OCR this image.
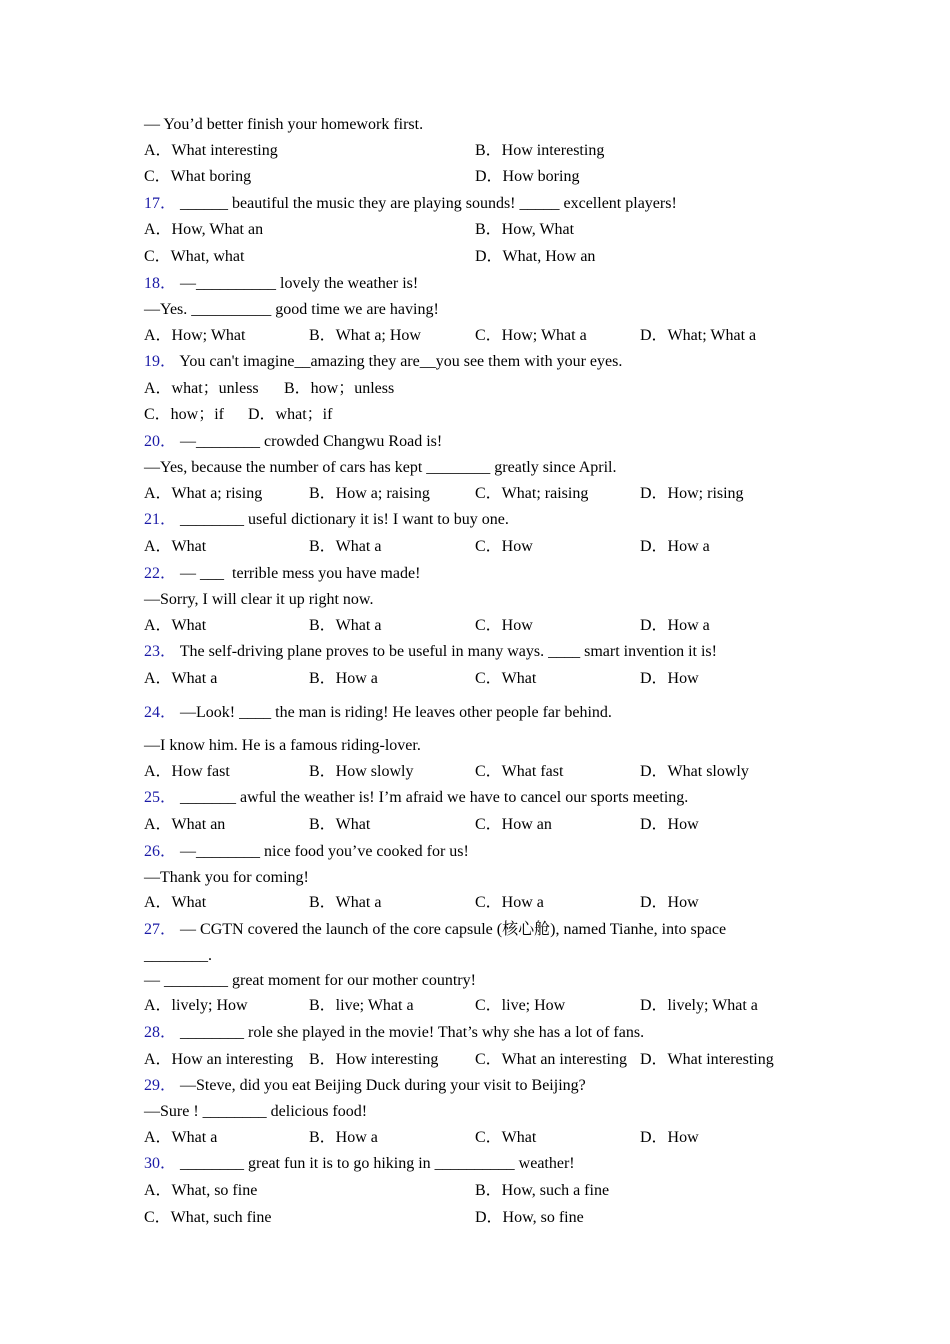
— You’d better finish your homework first.
A．What interesting	B．How interesting
C．What boring	D．How boring
17． ______ beautiful the music they are playing sounds! _____ excellent players!
A．How, What an	B．How, What
C．What, what	D．What, How an
18． —__________ lovely the weather is!
—Yes. __________ good time we are having!
A．How; What	B．What a; How	C．How; What a	D．What; What a
19． You can't imagine__amazing they are__you see them with your eyes.
A．what；unless B．how；unless
C．how；if D．what；if
20． —________ crowded Changwu Road is!
—Yes, because the number of cars has kept ________ greatly since April.
A．What a; rising	B．How a; raising	C．What; raising	D．How; rising
21． ________ useful dictionary it is! I want to buy one.
A．What	B．What a	C．How	D．How a
22． — ___  terrible mess you have made!
—Sorry, I will clear it up right now.
A．What	B．What a	C．How	D．How a
23． The self-driving plane proves to be useful in many ways. ____ smart invention it is!
A．What a	B．How a	C．What	D．How
24． —Look! ____ the man is riding! He leaves other people far behind.
—I know him. He is a famous riding-lover.
A．How fast	B．How slowly	C．What fast	D．What slowly
25． _______ awful the weather is! I’m afraid we have to cancel our sports meeting.
A．What an	B．What	C．How an	D．How
26． —________ nice food you’ve cooked for us!
—Thank you for coming!
A．What	B．What a	C．How a	D．How
27． — CGTN covered the launch of the core capsule (核心舱), named Tianhe, into space
________.
— ________ great moment for our mother country!
A．lively; How	B．live; What a	C．live; How	D．lively; What a
28． ________ role she played in the movie! That’s why she has a lot of fans.
A．How an interesting B．How interesting C．What an interesting D．What interesting
29． —Steve, did you eat Beijing Duck during your visit to Beijing?
—Sure ! ________ delicious food!
A．What a	B．How a	C．What	D．How
30． ________ great fun it is to go hiking in __________ weather!
A．What, so fine	B．How, such a fine
C．What, such fine	D．How, so fine
